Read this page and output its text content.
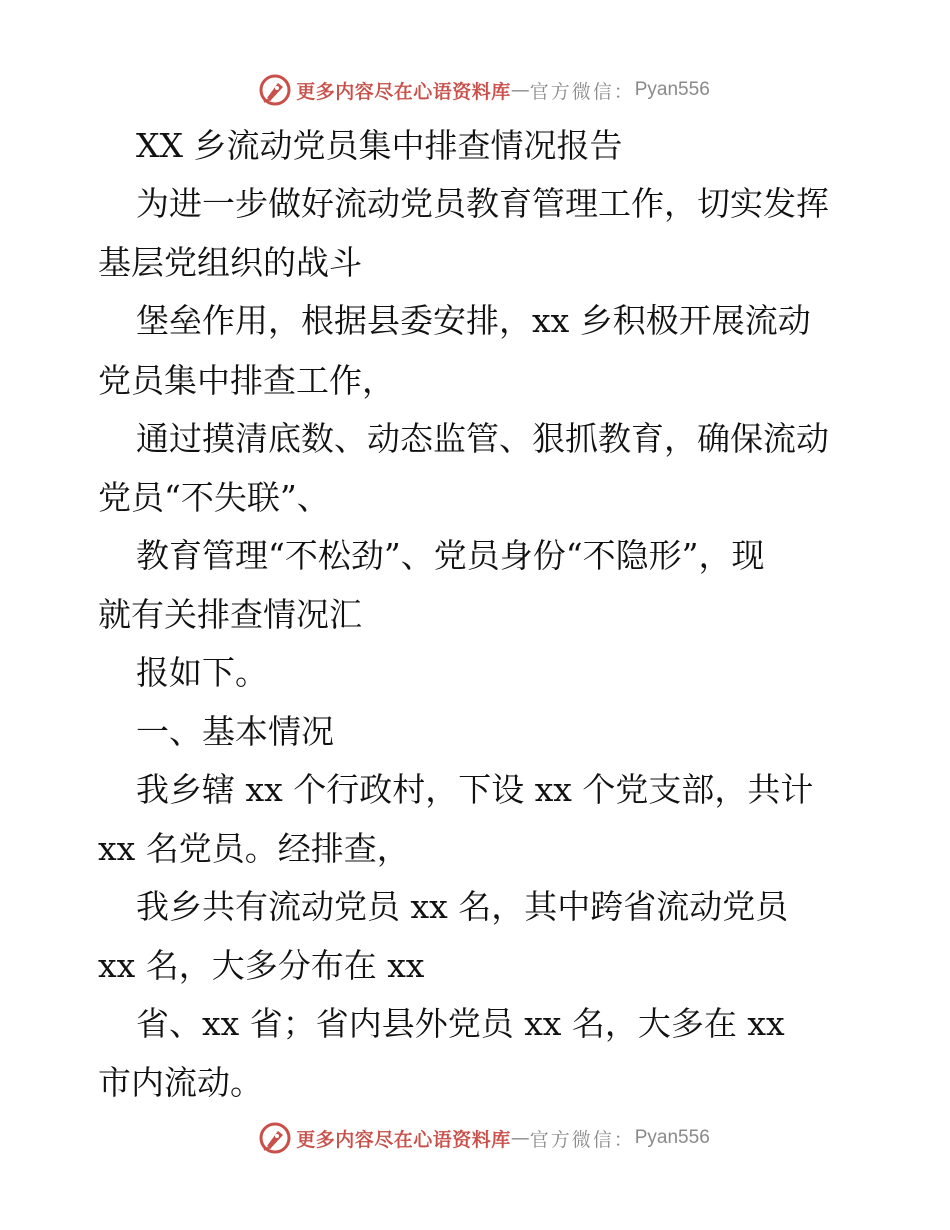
更多内容尽在心语资料库 — 官方微信： Pyan556
XX 乡流动党员集中排查情况报告
为进一步做好流动党员教育管理工作，切实发挥
基层党组织的战斗
堡垒作用，根据县委安排，xx 乡积极开展流动
党员集中排查工作，
通过摸清底数、动态监管、狠抓教育，确保流动
党员“不失联”、
教育管理“不松劲”、党员身份“不隐形”，现
就有关排查情况汇
报如下。
一、基本情况
我乡辖 xx 个行政村，下设 xx 个党支部，共计
xx 名党员。经排查，
我乡共有流动党员 xx 名，其中跨省流动党员
xx 名，大多分布在 xx
省、xx 省；省内县外党员 xx 名，大多在 xx
市内流动。
更多内容尽在心语资料库 — 官方微信： Pyan556
